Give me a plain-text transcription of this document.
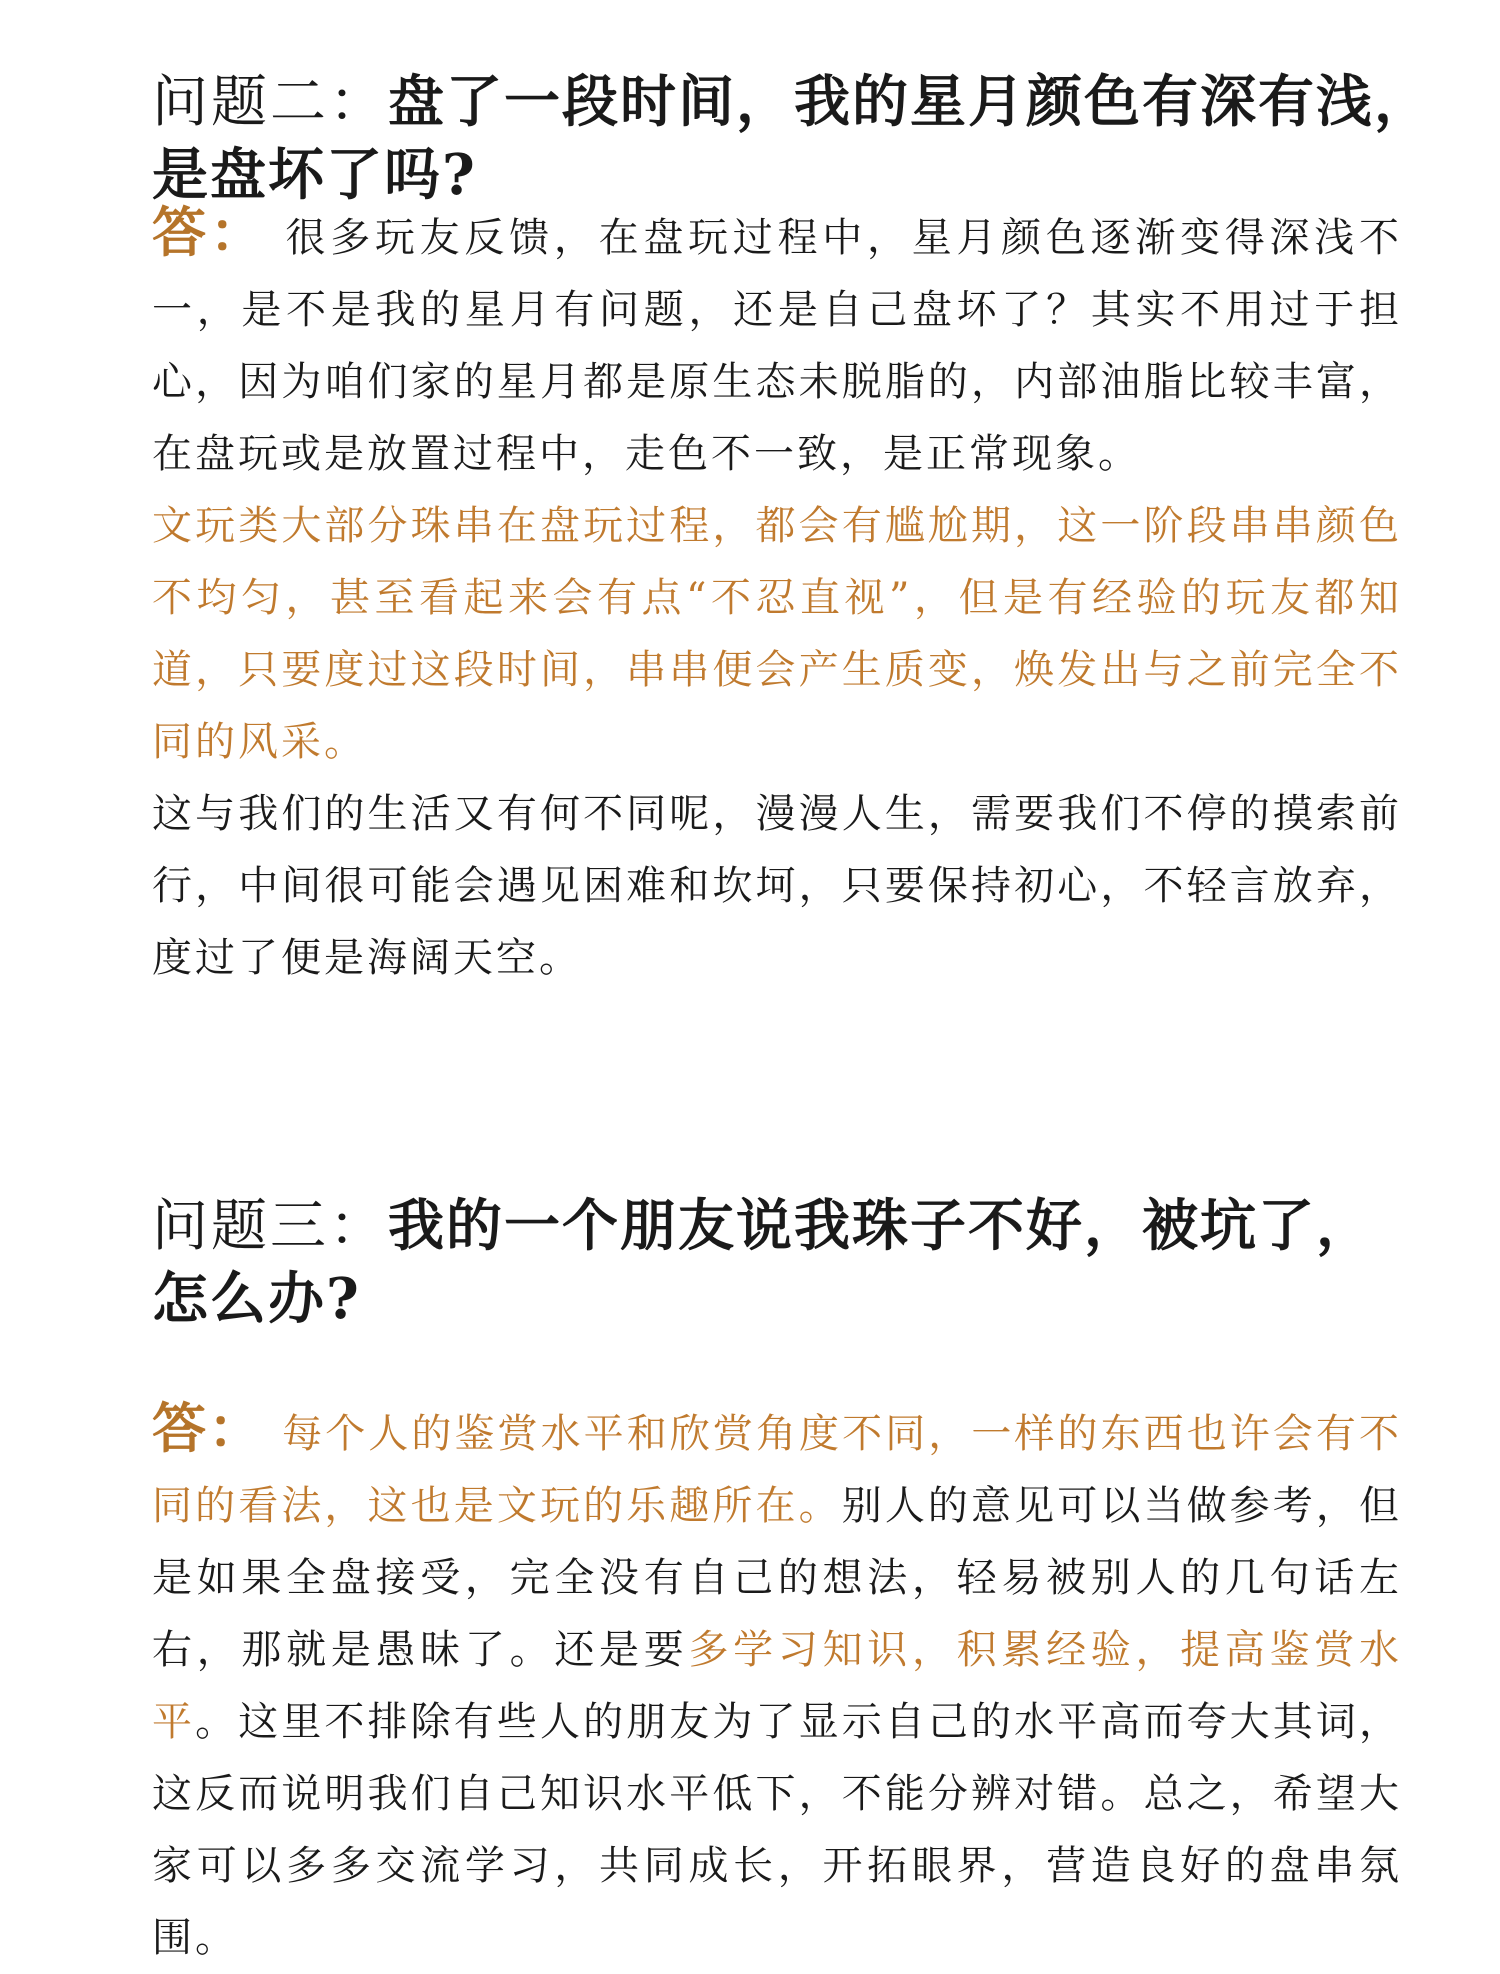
问题二：盘了一段时间，我的星月颜色有深有浅，
是盘坏了吗?
答： 很多玩友反馈，在盘玩过程中，星月颜色逐渐变得深浅不一，是不是我的星月有问题，还是自己盘坏了？其实不用过于担心，因为咱们家的星月都是原生态未脱脂的，内部油脂比较丰富，在盘玩或是放置过程中，走色不一致，是正常现象。
文玩类大部分珠串在盘玩过程，都会有尴尬期，这一阶段串串颜色不均匀，甚至看起来会有点“不忍直视”，但是有经验的玩友都知道，只要度过这段时间，串串便会产生质变，焕发出与之前完全不同的风采。
这与我们的生活又有何不同呢，漫漫人生，需要我们不停的摸索前行，中间很可能会遇见困难和坎坷，只要保持初心，不轻言放弃，度过了便是海阔天空。
问题三：我的一个朋友说我珠子不好，被坑了，
怎么办?
答： 每个人的鉴赏水平和欣赏角度不同，一样的东西也许会有不同的看法，这也是文玩的乐趣所在。别人的意见可以当做参考，但是如果全盘接受，完全没有自己的想法，轻易被别人的几句话左右，那就是愚昧了。还是要多学习知识，积累经验，提高鉴赏水平。这里不排除有些人的朋友为了显示自己的水平高而夸大其词，这反而说明我们自己知识水平低下，不能分辨对错。总之，希望大家可以多多交流学习，共同成长，开拓眼界，营造良好的盘串氛围。
